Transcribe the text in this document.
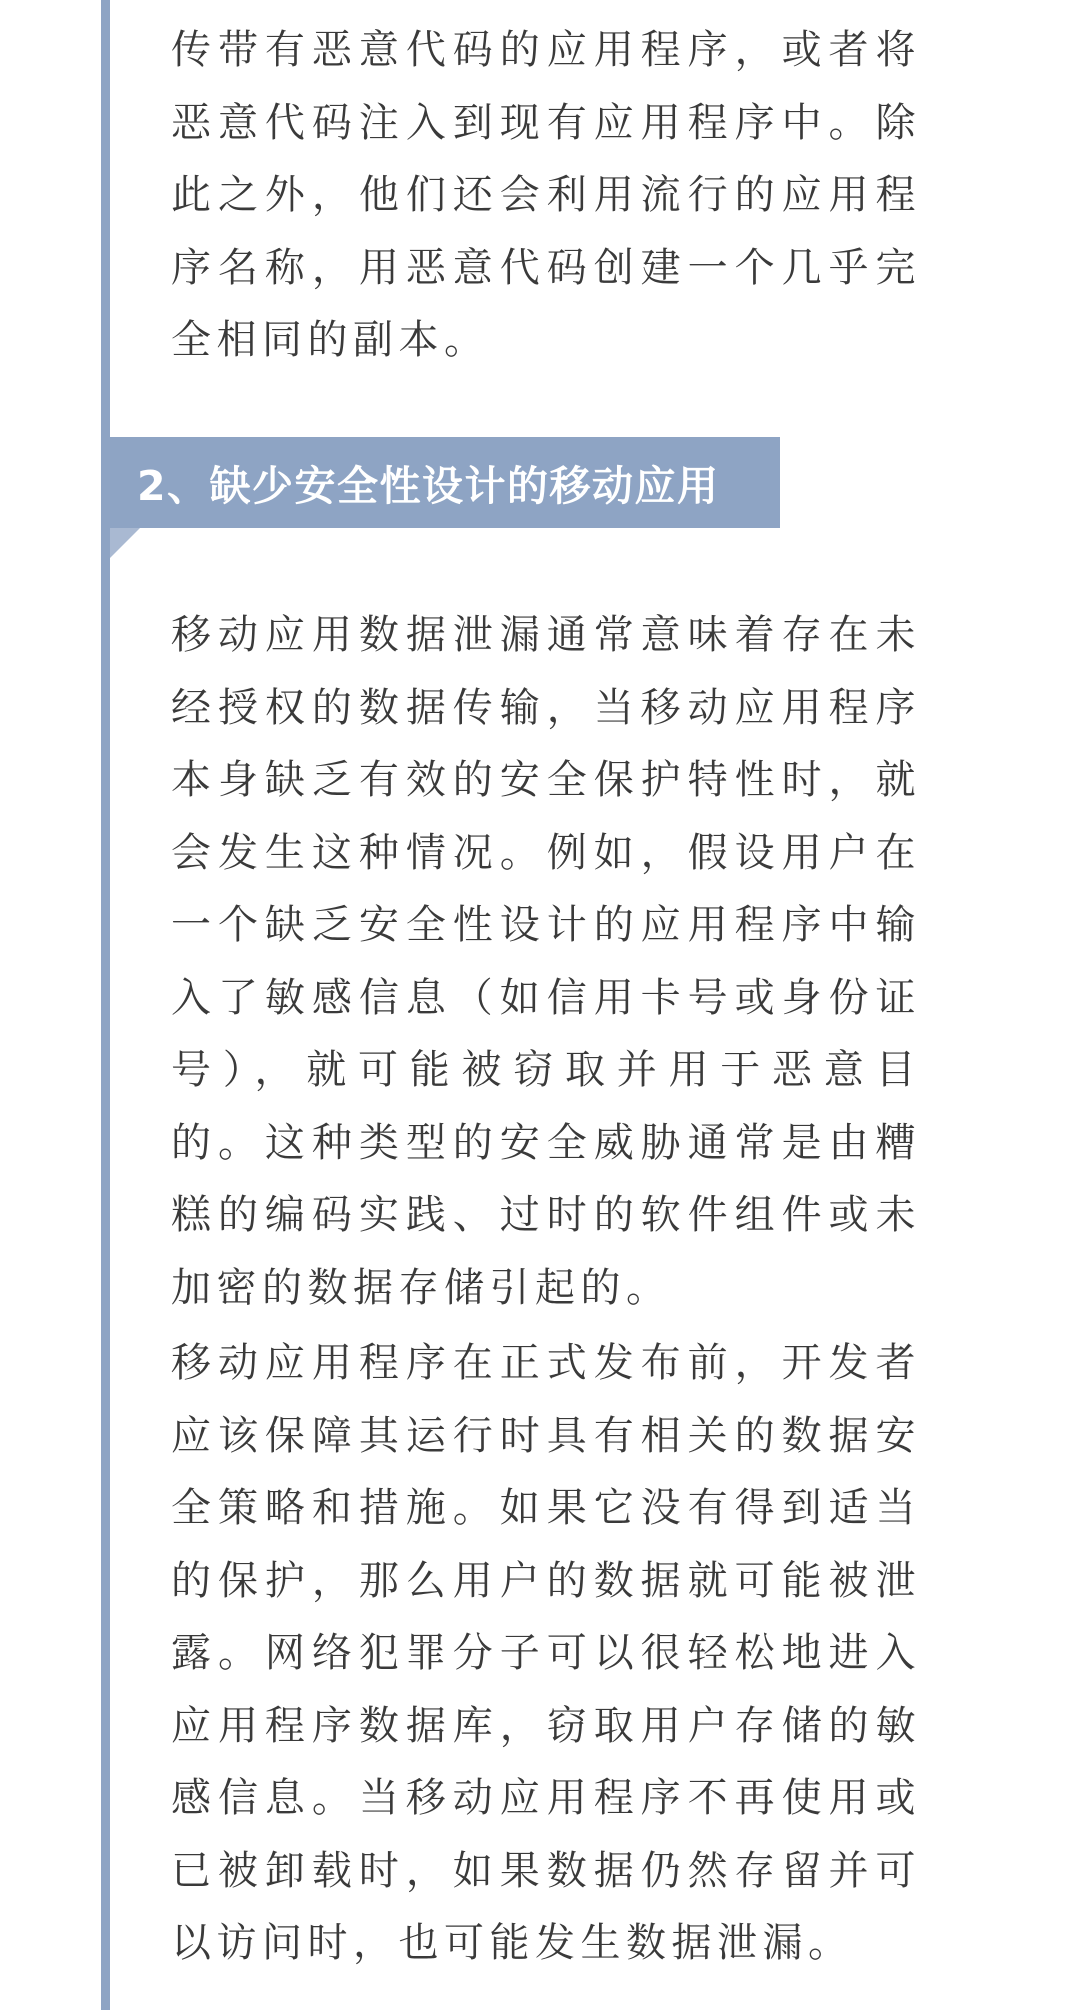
传带有恶意代码的应用程序，或者将恶意代码注入到现有应用程序中。除此之外，他们还会利用流行的应用程序名称，用恶意代码创建一个几乎完全相同的副本。

2、缺少安全性设计的移动应用

移动应用数据泄漏通常意味着存在未经授权的数据传输，当移动应用程序本身缺乏有效的安全保护特性时，就会发生这种情况。例如，假设用户在一个缺乏安全性设计的应用程序中输入了敏感信息（如信用卡号或身份证号），就可能被窃取并用于恶意目的。这种类型的安全威胁通常是由糟糕的编码实践、过时的软件组件或未加密的数据存储引起的。

移动应用程序在正式发布前，开发者应该保障其运行时具有相关的数据安全策略和措施。如果它没有得到适当的保护，那么用户的数据就可能被泄露。网络犯罪分子可以很轻松地进入应用程序数据库，窃取用户存储的敏感信息。当移动应用程序不再使用或已被卸载时，如果数据仍然存留并可以访问时，也可能发生数据泄漏。
